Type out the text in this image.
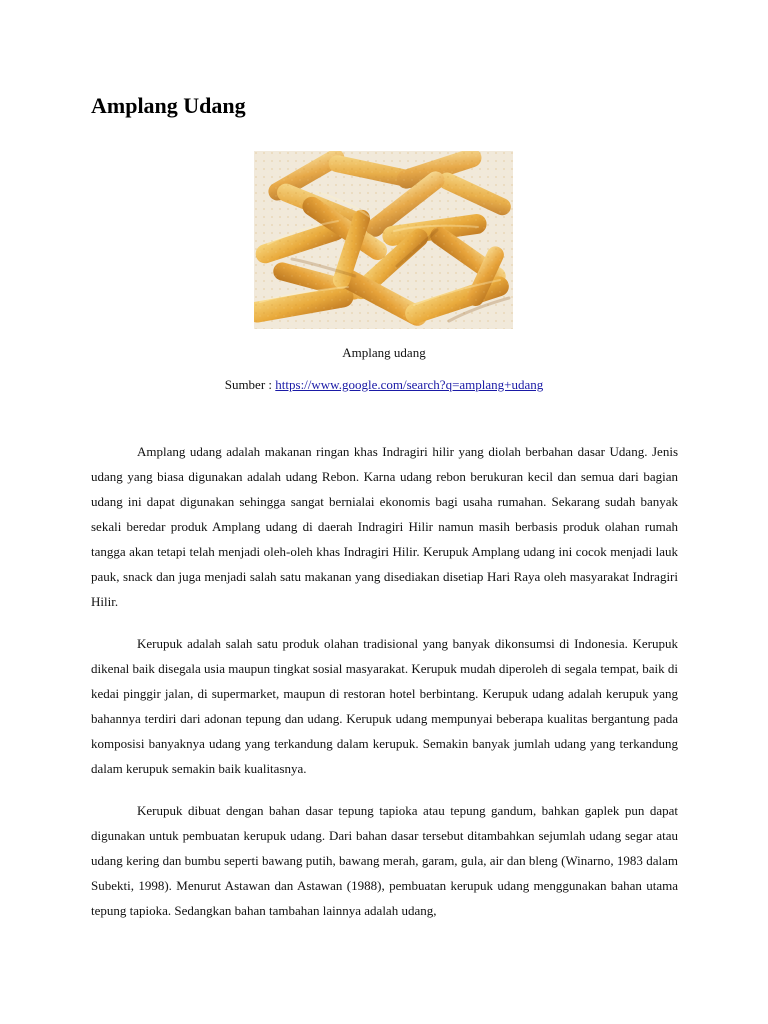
Amplang Udang
Amplang udang
Sumber : https://www.google.com/search?q=amplang+udang

Amplang udang adalah makanan ringan khas Indragiri hilir yang diolah berbahan dasar Udang. Jenis udang yang biasa digunakan adalah udang Rebon. Karna udang rebon berukuran kecil dan semua dari bagian udang ini dapat digunakan sehingga sangat bernialai ekonomis bagi usaha rumahan. Sekarang sudah banyak sekali beredar produk Amplang udang di daerah Indragiri Hilir namun masih berbasis produk olahan rumah tangga akan tetapi telah menjadi oleh-oleh khas Indragiri Hilir. Kerupuk Amplang udang ini cocok menjadi lauk pauk, snack dan juga menjadi salah satu makanan yang disediakan disetiap Hari Raya oleh masyarakat Indragiri Hilir.

Kerupuk adalah salah satu produk olahan tradisional yang banyak dikonsumsi di Indonesia. Kerupuk dikenal baik disegala usia maupun tingkat sosial masyarakat. Kerupuk mudah diperoleh di segala tempat, baik di kedai pinggir jalan, di supermarket, maupun di restoran hotel berbintang. Kerupuk udang adalah kerupuk yang bahannya terdiri dari adonan tepung dan udang. Kerupuk udang mempunyai beberapa kualitas bergantung pada komposisi banyaknya udang yang terkandung dalam kerupuk. Semakin banyak jumlah udang yang terkandung dalam kerupuk semakin baik kualitasnya.

Kerupuk dibuat dengan bahan dasar tepung tapioka atau tepung gandum, bahkan gaplek pun dapat digunakan untuk pembuatan kerupuk udang. Dari bahan dasar tersebut ditambahkan sejumlah udang segar atau udang kering dan bumbu seperti bawang putih, bawang merah, garam, gula, air dan bleng (Winarno, 1983 dalam Subekti, 1998). Menurut Astawan dan Astawan (1988), pembuatan kerupuk udang menggunakan bahan utama tepung tapioka. Sedangkan bahan tambahan lainnya adalah udang,
